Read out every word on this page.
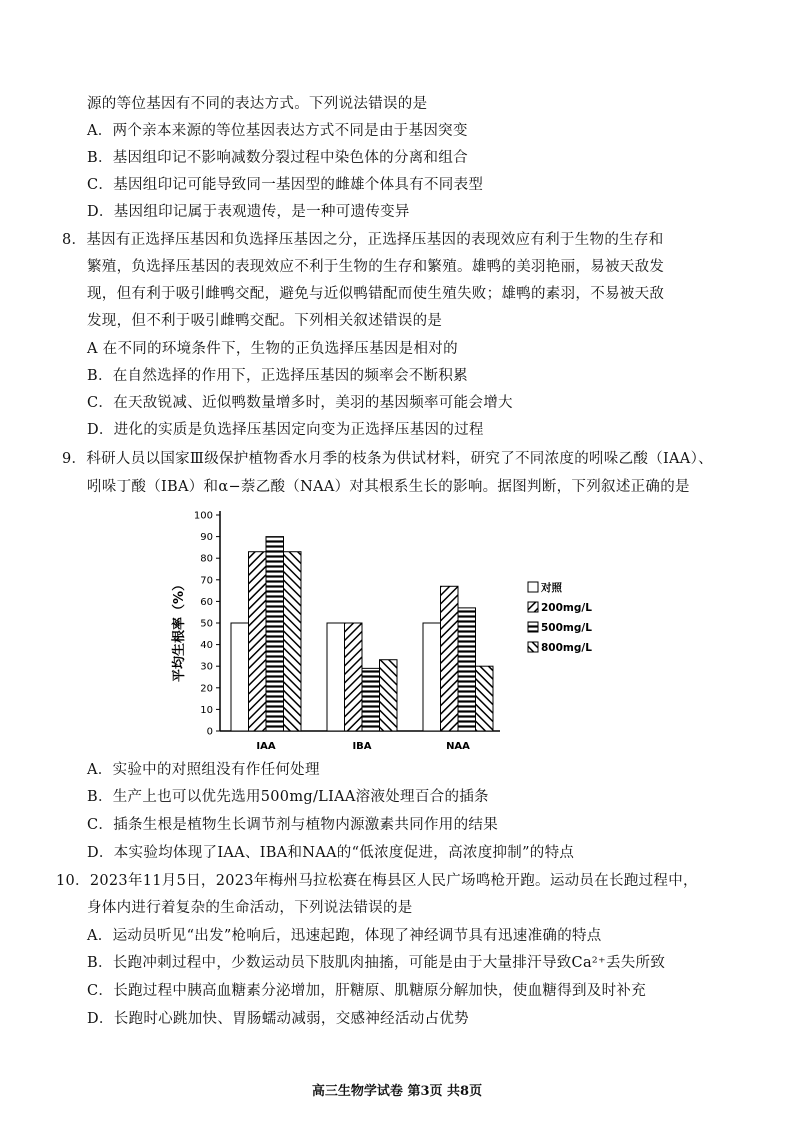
源的等位基因有不同的表达方式。下列说法错误的是
A．两个亲本来源的等位基因表达方式不同是由于基因突变
B．基因组印记不影响减数分裂过程中染色体的分离和组合
C．基因组印记可能导致同一基因型的雌雄个体具有不同表型
D．基因组印记属于表观遗传，是一种可遗传变异
8．基因有正选择压基因和负选择压基因之分，正选择压基因的表现效应有利于生物的生存和
繁殖，负选择压基因的表现效应不利于生物的生存和繁殖。雄鸭的美羽艳丽，易被天敌发
现，但有利于吸引雌鸭交配，避免与近似鸭错配而使生殖失败；雄鸭的素羽，不易被天敌
发现，但不利于吸引雌鸭交配。下列相关叙述错误的是
A 在不同的环境条件下，生物的正负选择压基因是相对的
B．在自然选择的作用下，正选择压基因的频率会不断积累
C．在天敌锐减、近似鸭数量增多时，美羽的基因频率可能会增大
D．进化的实质是负选择压基因定向变为正选择压基因的过程
9．科研人员以国家Ⅲ级保护植物香水月季的枝条为供试材料，研究了不同浓度的吲哚乙酸（IAA）、
吲哚丁酸（IBA）和α−萘乙酸（NAA）对其根系生长的影响。据图判断，下列叙述正确的是
平均生根率（%）
0
10
20
30
40
50
60
70
80
90
100
IAA	IBA	NAA
对照
200mg/L
500mg/L
800mg/L
A．实验中的对照组没有作任何处理
B．生产上也可以优先选用500mg/LIAA溶液处理百合的插条
C．插条生根是植物生长调节剂与植物内源激素共同作用的结果
D．本实验均体现了IAA、IBA和NAA的“低浓度促进，高浓度抑制”的特点
10．2023年11月5日，2023年梅州马拉松赛在梅县区人民广场鸣枪开跑。运动员在长跑过程中，
身体内进行着复杂的生命活动，下列说法错误的是
A．运动员听见“出发”枪响后，迅速起跑，体现了神经调节具有迅速准确的特点
B．长跑冲刺过程中，少数运动员下肢肌肉抽搐，可能是由于大量排汗导致Ca²⁺丢失所致
C．长跑过程中胰高血糖素分泌增加，肝糖原、肌糖原分解加快，使血糖得到及时补充
D．长跑时心跳加快、胃肠蠕动减弱，交感神经活动占优势
高三生物学试卷 第3页 共8页
